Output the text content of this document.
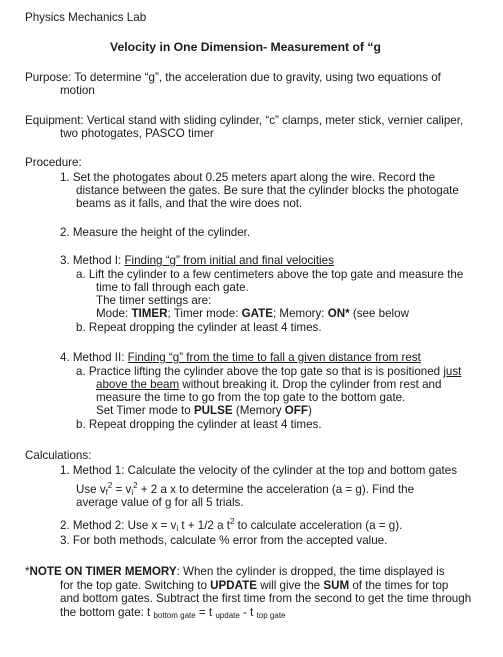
Physics Mechanics Lab
Velocity in One Dimension- Measurement of “g
Purpose: To determine “g”, the acceleration due to gravity, using two equations of
motion
Equipment: Vertical stand with sliding cylinder, “c” clamps, meter stick, vernier caliper,
two photogates, PASCO timer
Procedure:
1. Set the photogates about 0.25 meters apart along the wire. Record the
distance between the gates. Be sure that the cylinder blocks the photogate
beams as it falls, and that the wire does not.
2. Measure the height of the cylinder.
3. Method I: Finding “g” from initial and final velocities
a. Lift the cylinder to a few centimeters above the top gate and measure the
time to fall through each gate.
The timer settings are:
Mode: TIMER; Timer mode: GATE; Memory: ON* (see below
b. Repeat dropping the cylinder at least 4 times.
4. Method II: Finding “g” from the time to fall a given distance from rest
a. Practice lifting the cylinder above the top gate so that is is positioned just
above the beam without breaking it. Drop the cylinder from rest and
measure the time to go from the top gate to the bottom gate.
Set Timer mode to PULSE (Memory OFF)
b. Repeat dropping the cylinder at least 4 times.
Calculations:
1. Method 1: Calculate the velocity of the cylinder at the top and bottom gates
Use $v_f^2 = v_i^2 + 2$ a x to determine the acceleration (a = g). Find the
average value of g for all 5 trials.
2. Method 2: Use $x = v_i$ t + 1/2 a $t^2$ to calculate acceleration (a = g).
3. For both methods, calculate % error from the accepted value.
*NOTE ON TIMER MEMORY: When the cylinder is dropped, the time displayed is
for the top gate. Switching to UPDATE will give the SUM of the times for top
and bottom gates. Subtract the first time from the second to get the time through
the bottom gate: t $_{bottom gate}$ = t $_{update}$ - t $_{top gate}$
